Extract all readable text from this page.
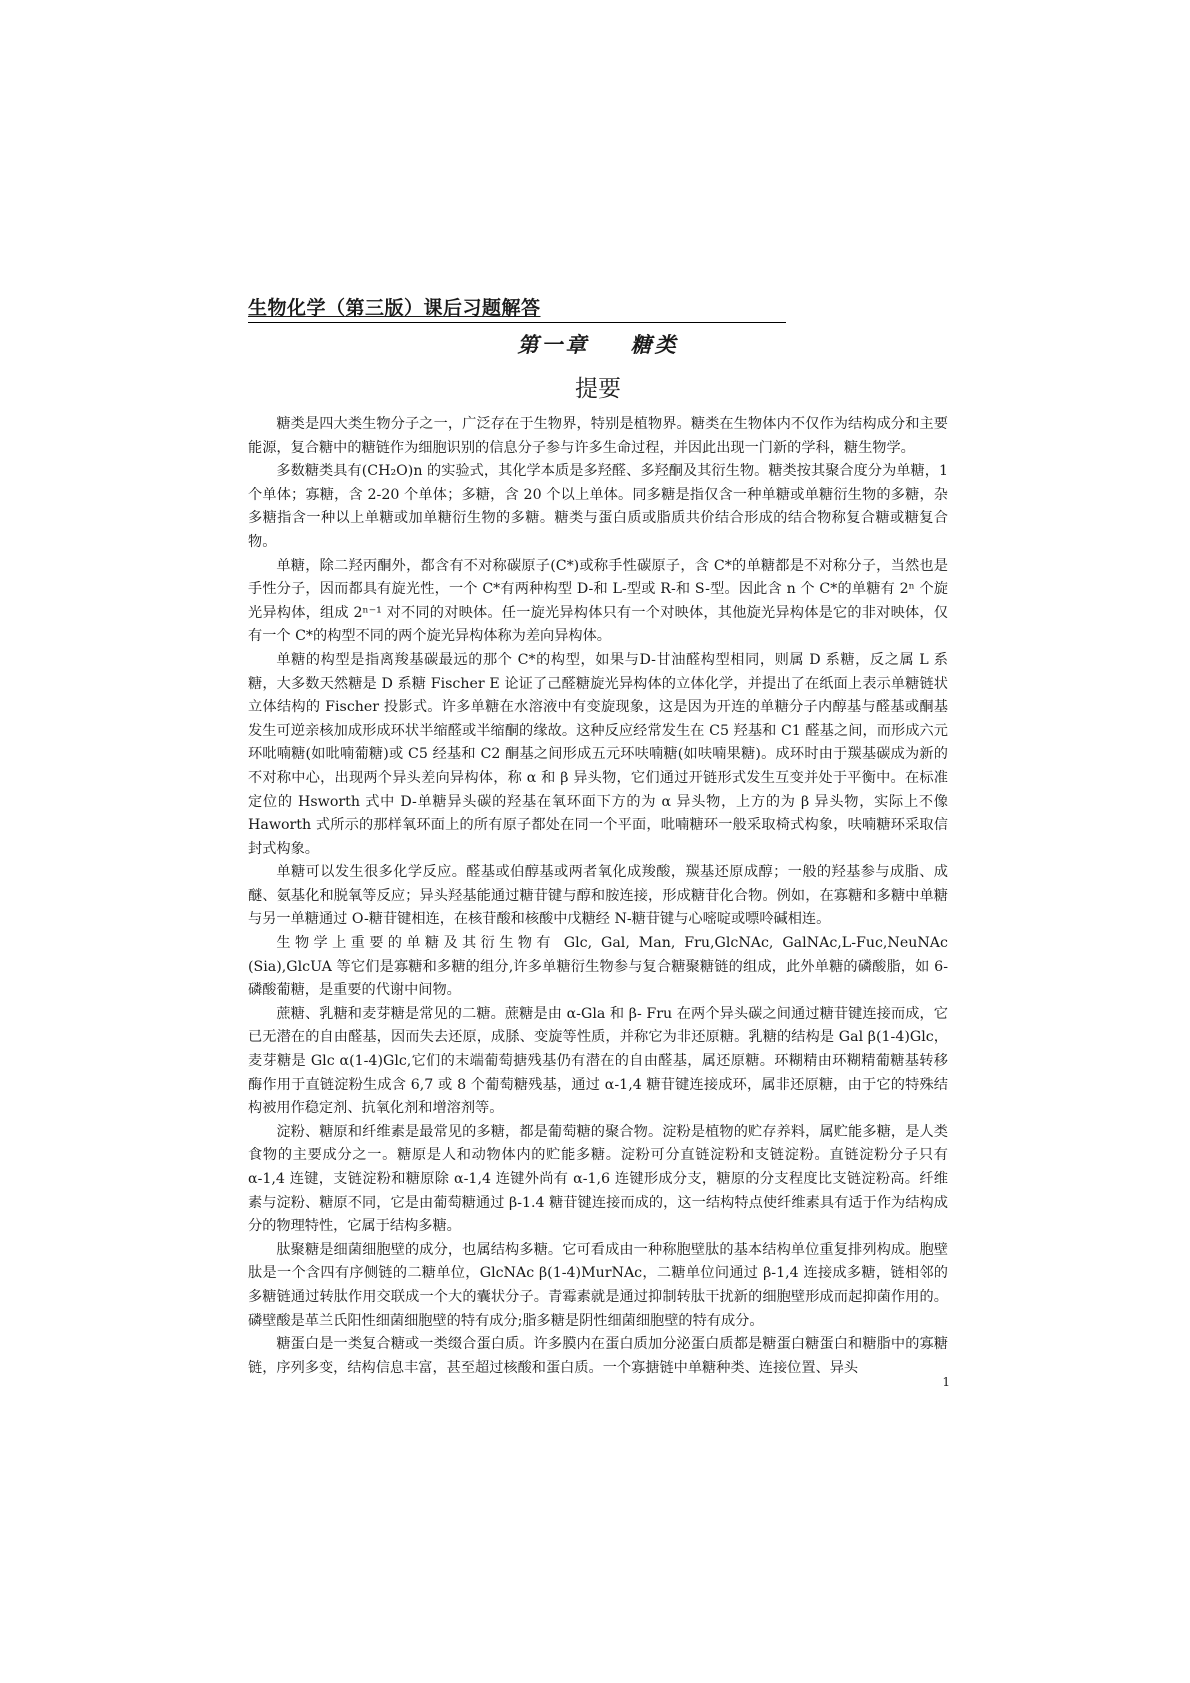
生物化学（第三版）课后习题解答
第一章    糖类
提要

糖类是四大类生物分子之一，广泛存在于生物界，特别是植物界。糖类在生物体内不仅作为结构成分和主要能源，复合糖中的糖链作为细胞识别的信息分子参与许多生命过程，并因此出现一门新的学科，糖生物学。

多数糖类具有(CH₂O)n 的实验式，其化学本质是多羟醛、多羟酮及其衍生物。糖类按其聚合度分为单糖，1 个单体；寡糖，含 2-20 个单体；多糖，含 20 个以上单体。同多糖是指仅含一种单糖或单糖衍生物的多糖，杂多糖指含一种以上单糖或加单糖衍生物的多糖。糖类与蛋白质或脂质共价结合形成的结合物称复合糖或糖复合物。

单糖，除二羟丙酮外，都含有不对称碳原子(C*)或称手性碳原子，含 C*的单糖都是不对称分子，当然也是手性分子，因而都具有旋光性，一个 C*有两种构型 D-和 L-型或 R-和 S-型。因此含 n 个 C*的单糖有 2ⁿ 个旋光异构体，组成 2ⁿ⁻¹ 对不同的对映体。任一旋光异构体只有一个对映体，其他旋光异构体是它的非对映体，仅有一个 C*的构型不同的两个旋光异构体称为差向异构体。

单糖的构型是指离羧基碳最远的那个 C*的构型，如果与D-甘油醛构型相同，则属 D 系糖，反之属 L 系糖，大多数天然糖是 D 系糖 Fischer E 论证了己醛糖旋光异构体的立体化学，并提出了在纸面上表示单糖链状立体结构的 Fischer 投影式。许多单糖在水溶液中有变旋现象，这是因为开连的单糖分子内醇基与醛基或酮基发生可逆亲核加成形成环状半缩醛或半缩酮的缘故。这种反应经常发生在 C5 羟基和 C1 醛基之间，而形成六元环吡喃糖(如吡喃葡糖)或 C5 经基和 C2 酮基之间形成五元环呋喃糖(如呋喃果糖)。成环时由于羰基碳成为新的不对称中心，出现两个异头差向异构体，称 α 和 β 异头物，它们通过开链形式发生互变并处于平衡中。在标准定位的 Hsworth 式中 D-单糖异头碳的羟基在氧环面下方的为 α 异头物，上方的为 β 异头物，实际上不像 Haworth 式所示的那样氧环面上的所有原子都处在同一个平面，吡喃糖环一般采取椅式构象，呋喃糖环采取信封式构象。

单糖可以发生很多化学反应。醛基或伯醇基或两者氧化成羧酸，羰基还原成醇；一般的羟基参与成脂、成醚、氨基化和脱氧等反应；异头羟基能通过糖苷键与醇和胺连接，形成糖苷化合物。例如，在寡糖和多糖中单糖与另一单糖通过 O-糖苷键相连，在核苷酸和核酸中戊糖经 N-糖苷键与心嘧啶或嘌呤碱相连。

生物学上重要的单糖及其衍生物有 Glc, Gal, Man, Fru,GlcNAc, GalNAc,L-Fuc,NeuNAc (Sia),GlcUA 等它们是寡糖和多糖的组分,许多单糖衍生物参与复合糖聚糖链的组成，此外单糖的磷酸脂，如 6-磷酸葡糖，是重要的代谢中间物。

蔗糖、乳糖和麦芽糖是常见的二糖。蔗糖是由 α-Gla 和 β- Fru 在两个异头碳之间通过糖苷键连接而成，它已无潜在的自由醛基，因而失去还原，成脎、变旋等性质，并称它为非还原糖。乳糖的结构是 Gal β(1-4)Glc，麦芽糖是 Glc α(1-4)Glc,它们的末端葡萄搪残基仍有潜在的自由醛基，属还原糖。环糊精由环糊精葡糖基转移酶作用于直链淀粉生成含 6,7 或 8 个葡萄糖残基，通过 α-1,4 糖苷键连接成环，属非还原糖，由于它的特殊结构被用作稳定剂、抗氧化剂和增溶剂等。

淀粉、糖原和纤维素是最常见的多糖，都是葡萄糖的聚合物。淀粉是植物的贮存养料，属贮能多糖，是人类食物的主要成分之一。糖原是人和动物体内的贮能多糖。淀粉可分直链淀粉和支链淀粉。直链淀粉分子只有 α-1,4 连键，支链淀粉和糖原除 α-1,4 连键外尚有 α-1,6 连键形成分支，糖原的分支程度比支链淀粉高。纤维素与淀粉、糖原不同，它是由葡萄糖通过 β-1.4 糖苷键连接而成的，这一结构特点使纤维素具有适于作为结构成分的物理特性，它属于结构多糖。

肽聚糖是细菌细胞壁的成分，也属结构多糖。它可看成由一种称胞壁肽的基本结构单位重复排列构成。胞壁肽是一个含四有序侧链的二糖单位，GlcNAc β(1-4)MurNAc，二糖单位问通过 β-1,4 连接成多糖，链相邻的多糖链通过转肽作用交联成一个大的囊状分子。青霉素就是通过抑制转肽干扰新的细胞壁形成而起抑菌作用的。磷壁酸是革兰氏阳性细菌细胞壁的特有成分;脂多糖是阴性细菌细胞壁的特有成分。

糖蛋白是一类复合糖或一类缀合蛋白质。许多膜内在蛋白质加分泌蛋白质都是糖蛋白糖蛋白和糖脂中的寡糖链，序列多变，结构信息丰富，甚至超过核酸和蛋白质。一个寡搪链中单糖种类、连接位置、异头

1
